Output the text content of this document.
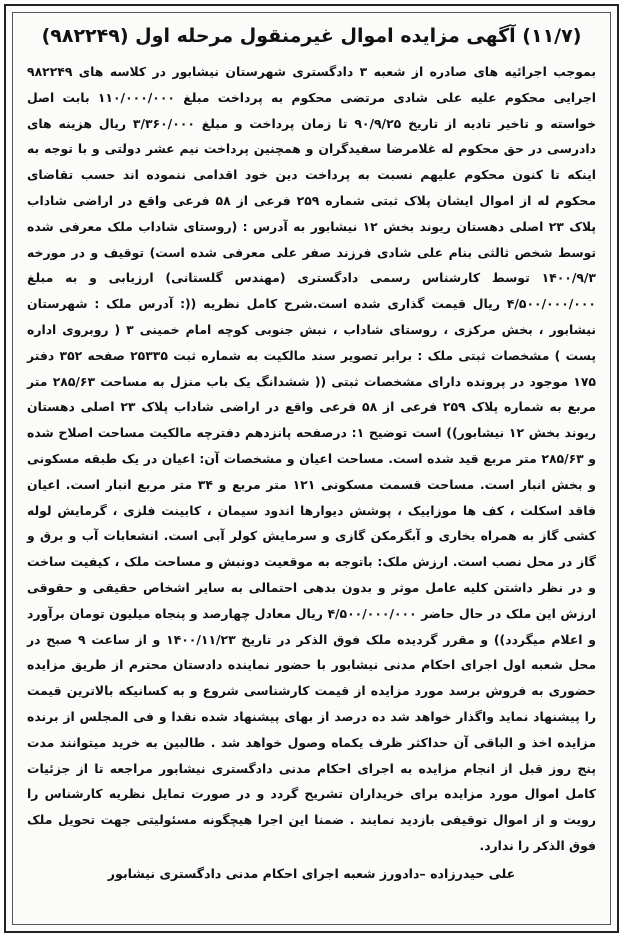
(۱۱/۷) آگهی مزایده اموال غیرمنقول مرحله اول (۹۸۲۲۴۹)

بموجب اجرائیه های صادره از شعبه ۳ دادگستری شهرستان نیشابور در کلاسه های ۹۸۲۲۴۹ اجرایی محکوم علیه علی شادی مرتضی محکوم به پرداخت مبلغ ۱۱۰/۰۰۰/۰۰۰ بابت اصل خواسته و تاخیر تادیه از تاریخ ۹۰/۹/۲۵ تا زمان پرداخت و مبلغ ۳/۳۶۰/۰۰۰ ریال هزینه های دادرسی در حق محکوم له غلامرضا سفیدگران و همچنین پرداخت نیم عشر دولتی و با توجه به اینکه تا کنون محکوم علیهم نسبت به پرداخت دین خود اقدامی ننموده اند حسب تقاضای محکوم له از اموال ایشان پلاک ثبتی شماره ۲۵۹ فرعی از ۵۸ فرعی واقع در اراضی شاداب پلاک ۲۳ اصلی دهستان ریوند بخش ۱۲ نیشابور به آدرس : (روستای شاداب ملک معرفی شده توسط شخص ثالثی بنام علی شادی فرزند صفر علی معرفی شده است) توقیف و در مورخه ۱۴۰۰/۹/۳ توسط کارشناس رسمی دادگستری (مهندس گلستانی) ارزیابی و به مبلغ ۴/۵۰۰/۰۰۰/۰۰۰ ریال قیمت گذاری شده است.شرح کامل نظریه ((: آدرس ملک : شهرستان نیشابور ، بخش مرکزی ، روستای شاداب ، نبش جنوبی کوچه امام خمینی ۳ ( روبروی اداره پست ) مشخصات ثبتی ملک : برابر تصویر سند مالکیت به شماره ثبت ۲۵۳۳۵ صفحه ۳۵۲ دفتر ۱۷۵ موجود در پرونده دارای مشخصات ثبتی (( ششدانگ یک باب منزل به مساحت ۲۸۵/۶۳ متر مربع به شماره پلاک ۲۵۹ فرعی از ۵۸ فرعی واقع در اراضی شاداب پلاک ۲۳ اصلی دهستان ریوند بخش ۱۲ نیشابور)) است توضیح ۱: درصفحه پانزدهم دفترچه مالکیت مساحت اصلاح شده و ۲۸۵/۶۳ متر مربع قید شده است. مساحت اعیان و مشخصات آن: اعیان در یک طبقه مسکونی و بخش انبار است. مساحت قسمت مسکونی ۱۲۱ متر مربع و ۳۴ متر مربع انبار است. اعیان فاقد اسکلت ، کف ها موزاییک ، پوشش دیوارها اندود سیمان ، کابینت فلزی ، گرمایش لوله کشی گاز به همراه بخاری و آبگرمکن گازی و سرمایش کولر آبی است. انشعابات آب و برق و گاز در محل نصب است. ارزش ملک: باتوجه به موقعیت دونبش و مساحت ملک ، کیفیت ساخت و در نظر داشتن کلیه عامل موثر و بدون بدهی احتمالی به سایر اشخاص حقیقی و حقوقی ارزش این ملک در حال حاضر ۴/۵۰۰/۰۰۰/۰۰۰ ریال معادل چهارصد و پنجاه میلیون تومان برآورد و اعلام میگردد)) و مقرر گردیده ملک فوق الذکر در تاریخ ۱۴۰۰/۱۱/۲۳ و از ساعت ۹ صبح در محل شعبه اول اجرای احکام مدنی نیشابور با حضور نماینده دادستان محترم از طریق مزایده حضوری به فروش برسد مورد مزایده از قیمت کارشناسی شروع و به کسانیکه بالاترین قیمت را پیشنهاد نماید واگذار خواهد شد ده درصد از بهای پیشنهاد شده نقدا و فی المجلس از برنده مزایده اخذ و الباقی آن حداکثر ظرف یکماه وصول خواهد شد . طالبین به خرید میتوانند مدت پنج روز قبل از انجام مزایده به اجرای احکام مدنی دادگستری نیشابور مراجعه تا از جزئیات کامل اموال مورد مزایده برای خریداران تشریح گردد و در صورت تمایل نظریه کارشناس را رویت و از اموال توقیفی بازدید نمایند . ضمنا این اجرا هیچگونه مسئولیتی جهت تحویل ملک فوق الذکر را ندارد.

علی حیدرزاده –دادورز شعبه اجرای احکام مدنی دادگستری نیشابور
